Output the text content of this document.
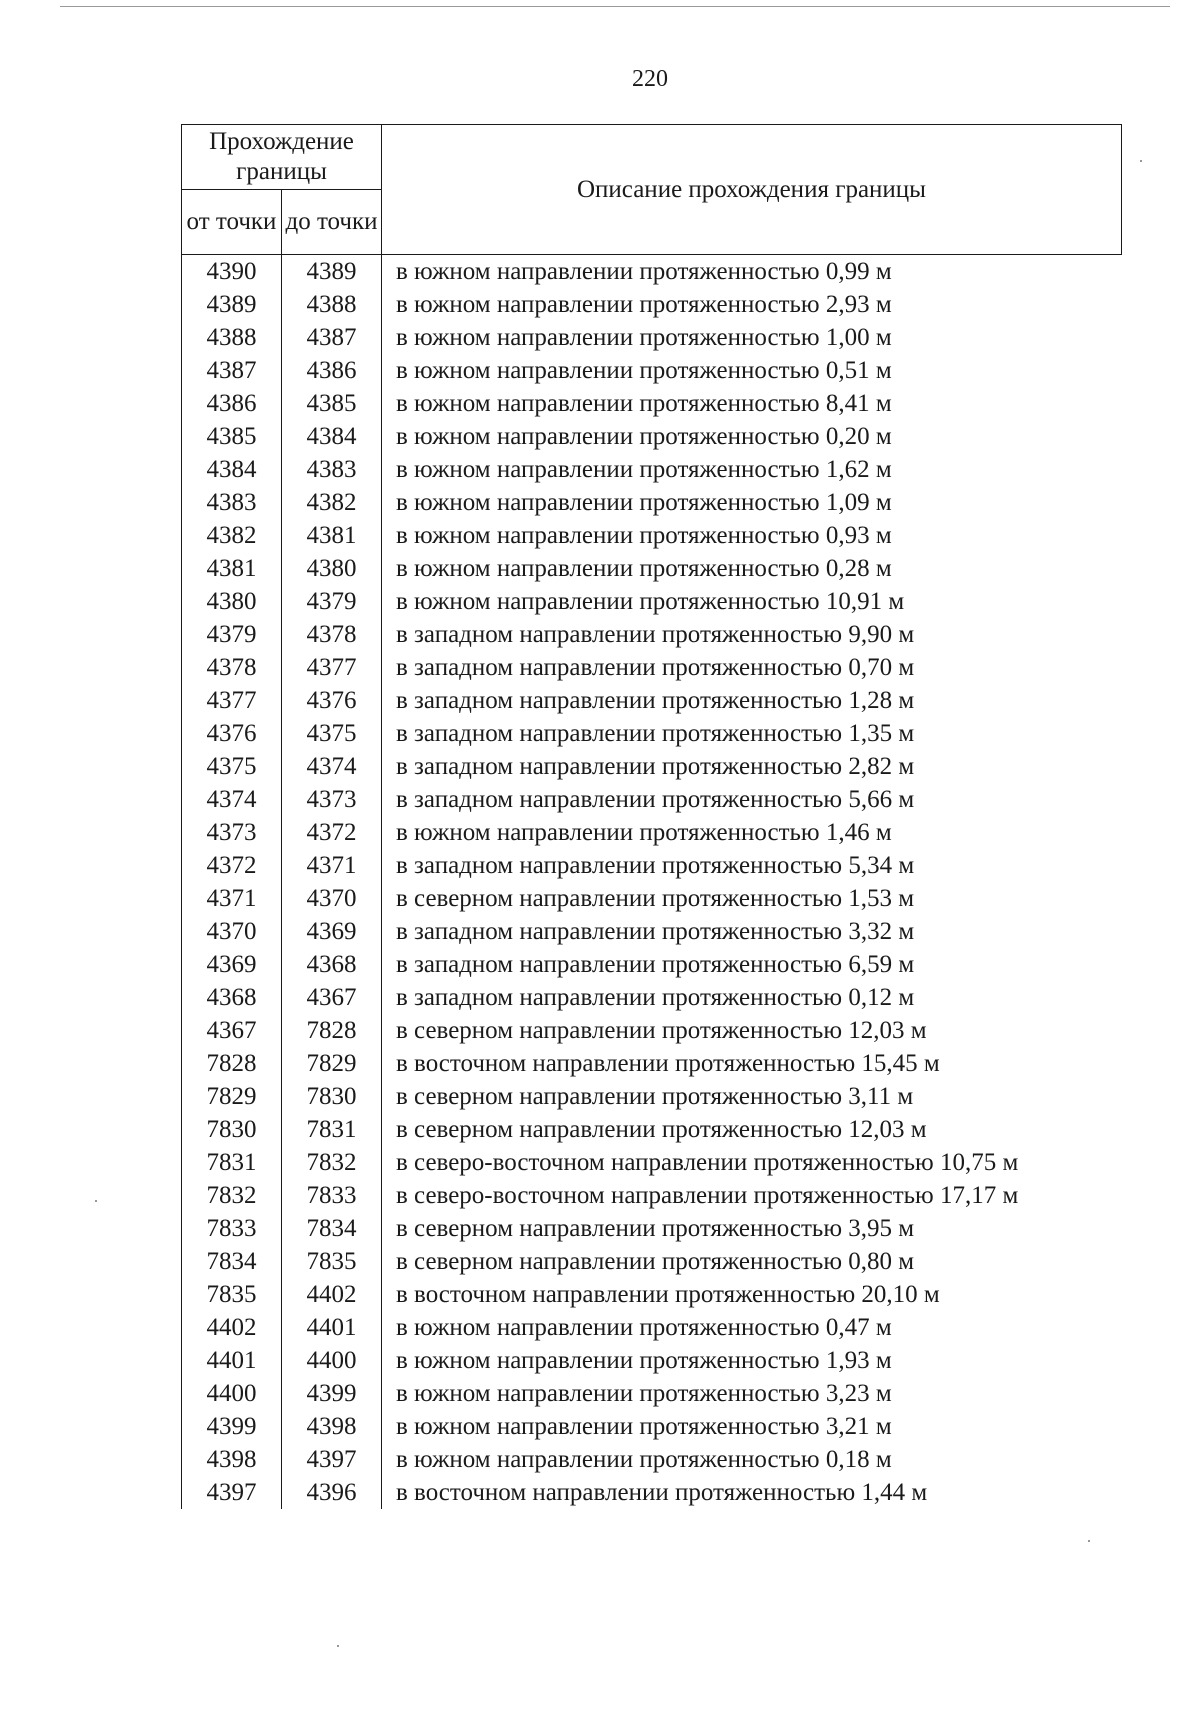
220
Прохождение границы		Описание прохождения границы
от точки	до точки	
4390	4389	в южном направлении протяженностью 0,99 м
4389	4388	в южном направлении протяженностью 2,93 м
4388	4387	в южном направлении протяженностью 1,00 м
4387	4386	в южном направлении протяженностью 0,51 м
4386	4385	в южном направлении протяженностью 8,41 м
4385	4384	в южном направлении протяженностью 0,20 м
4384	4383	в южном направлении протяженностью 1,62 м
4383	4382	в южном направлении протяженностью 1,09 м
4382	4381	в южном направлении протяженностью 0,93 м
4381	4380	в южном направлении протяженностью 0,28 м
4380	4379	в южном направлении протяженностью 10,91 м
4379	4378	в западном направлении протяженностью 9,90 м
4378	4377	в западном направлении протяженностью 0,70 м
4377	4376	в западном направлении протяженностью 1,28 м
4376	4375	в западном направлении протяженностью 1,35 м
4375	4374	в западном направлении протяженностью 2,82 м
4374	4373	в западном направлении протяженностью 5,66 м
4373	4372	в южном направлении протяженностью 1,46 м
4372	4371	в западном направлении протяженностью 5,34 м
4371	4370	в северном направлении протяженностью 1,53 м
4370	4369	в западном направлении протяженностью 3,32 м
4369	4368	в западном направлении протяженностью 6,59 м
4368	4367	в западном направлении протяженностью 0,12 м
4367	7828	в северном направлении протяженностью 12,03 м
7828	7829	в восточном направлении протяженностью 15,45 м
7829	7830	в северном направлении протяженностью 3,11 м
7830	7831	в северном направлении протяженностью 12,03 м
7831	7832	в северо-восточном направлении протяженностью 10,75 м
7832	7833	в северо-восточном направлении протяженностью 17,17 м
7833	7834	в северном направлении протяженностью 3,95 м
7834	7835	в северном направлении протяженностью 0,80 м
7835	4402	в восточном направлении протяженностью 20,10 м
4402	4401	в южном направлении протяженностью 0,47 м
4401	4400	в южном направлении протяженностью 1,93 м
4400	4399	в южном направлении протяженностью 3,23 м
4399	4398	в южном направлении протяженностью 3,21 м
4398	4397	в южном направлении протяженностью 0,18 м
4397	4396	в восточном направлении протяженностью 1,44 м
